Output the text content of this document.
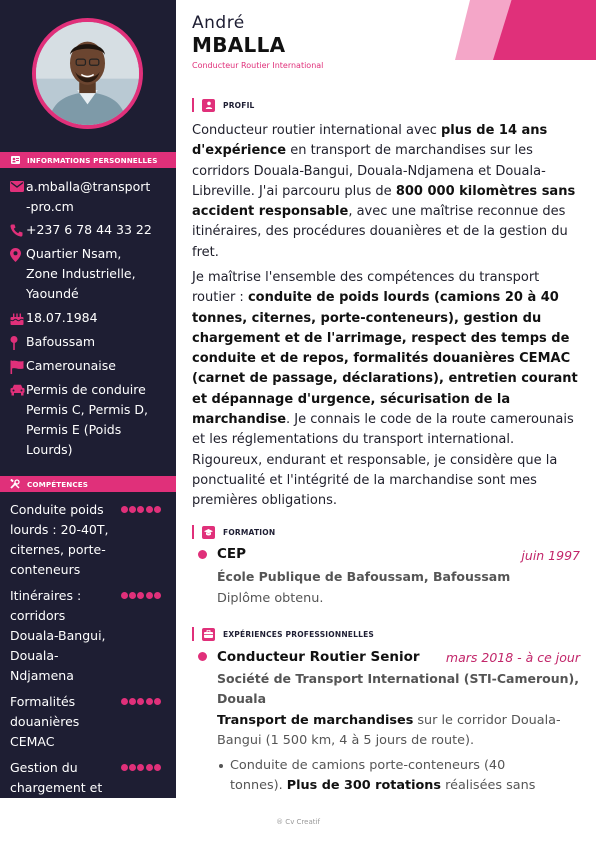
INFORMATIONS PERSONNELLES
a.mballa@transport
-pro.cm
+237 6 78 44 33 22
Quartier Nsam,
Zone Industrielle,
Yaoundé
18.07.1984
Bafoussam
Camerounaise
Permis de conduire
Permis C, Permis D,
Permis E (Poids
Lourds)
COMPÉTENCES
Conduite poids
lourds : 20-40T,
citernes, porte-
conteneurs
Itinéraires :
corridors
Douala-Bangui,
Douala-
Ndjamena
Formalités
douanières
CEMAC
Gestion du
chargement et
André
MBALLA
Conducteur Routier International
PROFIL
Conducteur routier international avec plus de 14 ans d'expérience en transport de marchandises sur les corridors Douala-Bangui, Douala-Ndjamena et Douala-Libreville. J'ai parcouru plus de 800 000 kilomètres sans accident responsable, avec une maîtrise reconnue des itinéraires, des procédures douanières et de la gestion du fret.
Je maîtrise l'ensemble des compétences du transport routier : conduite de poids lourds (camions 20 à 40 tonnes, citernes, porte-conteneurs), gestion du chargement et de l'arrimage, respect des temps de conduite et de repos, formalités douanières CEMAC (carnet de passage, déclarations), entretien courant et dépannage d'urgence, sécurisation de la marchandise. Je connais le code de la route camerounais et les réglementations du transport international. Rigoureux, endurant et responsable, je considère que la ponctualité et l'intégrité de la marchandise sont mes premières obligations.
FORMATION
CEP	juin 1997
École Publique de Bafoussam, Bafoussam
Diplôme obtenu.
EXPÉRIENCES PROFESSIONNELLES
Conducteur Routier Senior mars 2018 - à ce jour
Société de Transport International (STI-Cameroun),
Douala
Transport de marchandises sur le corridor Douala-
Bangui (1 500 km, 4 à 5 jours de route).
Conduite de camions porte-conteneurs (40
tonnes). Plus de 300 rotations réalisées sans
® Cv Creatif
